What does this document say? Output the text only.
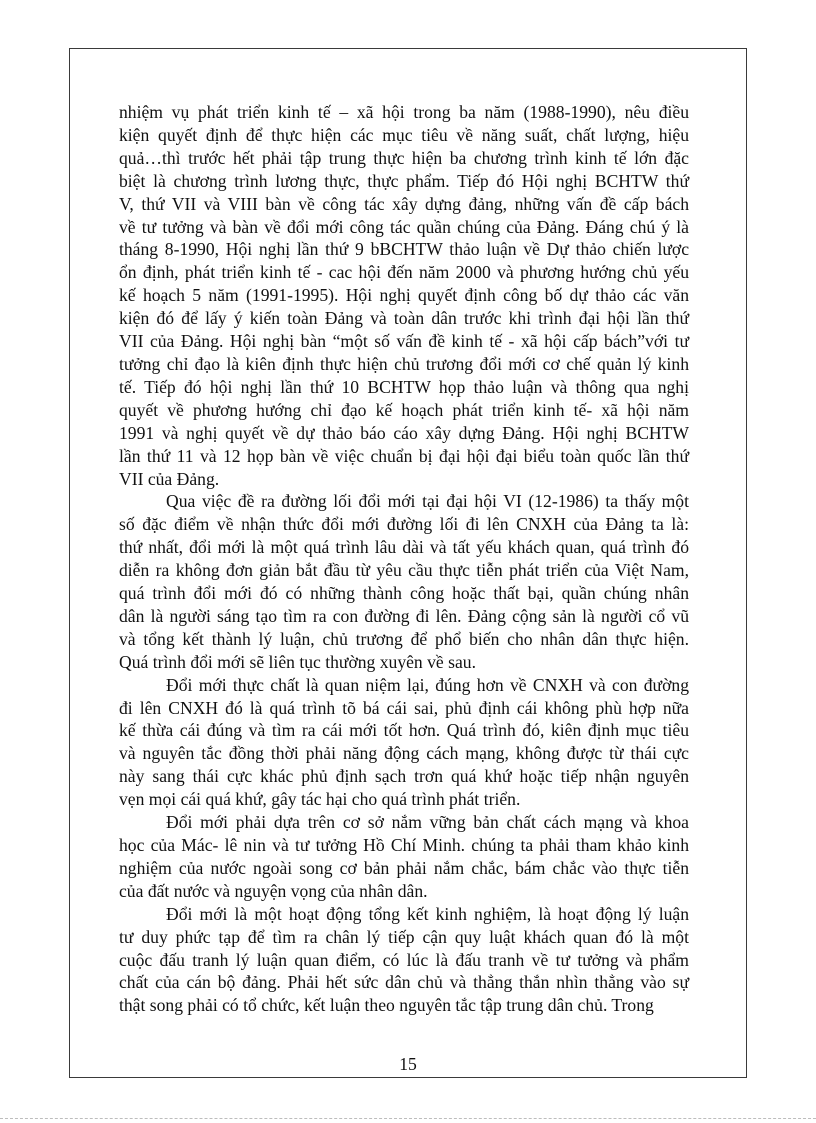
nhiệm vụ phát triển kinh tế – xã hội trong ba năm (1988-1990), nêu điều
kiện quyết định để thực hiện các mục tiêu về năng suất, chất lượng, hiệu
quả…thì trước hết phải tập trung thực hiện ba chương trình kinh tế lớn đặc
biệt là chương trình lương thực, thực phẩm. Tiếp đó Hội nghị BCHTW thứ
V, thứ VII và VIII bàn về công tác xây dựng đảng, những vấn đề cấp bách
về tư tưởng và bàn về đổi mới công tác quần chúng của Đảng. Đáng chú ý là
tháng 8-1990, Hội nghị lần thứ 9 bBCHTW thảo luận về Dự thảo chiến lược
ổn định, phát triển kinh tế - cac hội đến năm 2000 và phương hướng chủ yếu
kế hoạch 5 năm (1991-1995). Hội nghị quyết định công bố dự thảo các văn
kiện đó để lấy ý kiến toàn Đảng và toàn dân trước khi trình đại hội lần thứ
VII của Đảng. Hội nghị bàn “một số vấn đề kinh tế - xã hội cấp bách”với tư
tưởng chỉ đạo là kiên định thực hiện chủ trương đổi mới cơ chế quản lý kinh
tế. Tiếp đó hội nghị lần thứ 10 BCHTW họp thảo luận và thông qua nghị
quyết về phương hướng chỉ đạo kế hoạch phát triển kinh tế- xã hội năm
1991 và nghị quyết về dự thảo báo cáo xây dựng Đảng. Hội nghị BCHTW
lần thứ 11 và 12 họp bàn về việc chuẩn bị đại hội đại biểu toàn quốc lần thứ
VII của Đảng.
Qua việc đề ra đường lối đổi mới tại đại hội VI (12-1986) ta thấy một
số đặc điểm về nhận thức đổi mới đường lối đi lên CNXH của Đảng ta là:
thứ nhất, đổi mới là một quá trình lâu dài và tất yếu khách quan, quá trình đó
diễn ra không đơn giản bắt đầu từ yêu cầu thực tiễn phát triển của Việt Nam,
quá trình đổi mới đó có những thành công hoặc thất bại, quần chúng nhân
dân là người sáng tạo tìm ra con đường đi lên. Đảng cộng sản là người cổ vũ
và tổng kết thành lý luận, chủ trương để phổ biến cho nhân dân thực hiện.
Quá trình đổi mới sẽ liên tục thường xuyên về sau.
Đổi mới thực chất là quan niệm lại, đúng hơn về CNXH và con đường
đi lên CNXH đó là quá trình tõ bá cái sai, phủ định cái không phù hợp nữa
kế thừa cái đúng và tìm ra cái mới tốt hơn. Quá trình đó, kiên định mục tiêu
và nguyên tắc đồng thời phải năng động cách mạng, không được từ thái cực
này sang thái cực khác phủ định sạch trơn quá khứ hoặc tiếp nhận nguyên
vẹn mọi cái quá khứ, gây tác hại cho quá trình phát triển.
Đổi mới phải dựa trên cơ sở nắm vững bản chất cách mạng và khoa
học của Mác- lê nin và tư tưởng Hồ Chí Minh. chúng ta phải tham khảo kinh
nghiệm của nước ngoài song cơ bản phải nắm chắc, bám chắc vào thực tiễn
của đất nước và nguyện vọng của nhân dân.
Đổi mới là một hoạt động tổng kết kinh nghiệm, là hoạt động lý luận
tư duy phức tạp để tìm ra chân lý tiếp cận quy luật khách quan đó là một
cuộc đấu tranh lý luận quan điểm, có lúc là đấu tranh về tư tưởng và phẩm
chất của cán bộ đảng. Phải hết sức dân chủ và thẳng thắn nhìn thẳng vào sự
thật song phải có tổ chức, kết luận theo nguyên tắc tập trung dân chủ. Trong
15
